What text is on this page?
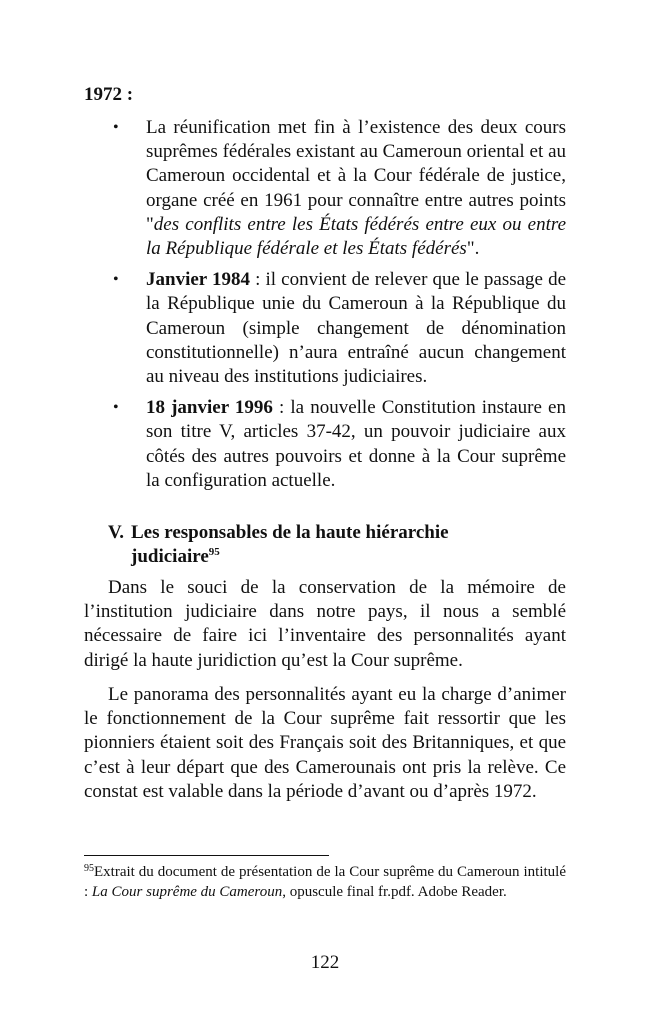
1972 :
• La réunification met fin à l’existence des deux cours suprêmes fédérales existant au Cameroun oriental et au Cameroun occidental et à la Cour fédérale de justice, organe créé en 1961 pour connaître entre autres points "des conflits entre les États fédérés entre eux ou entre la République fédérale et les États fédérés".
• Janvier 1984 : il convient de relever que le passage de la République unie du Cameroun à la République du Cameroun (simple changement de dénomination constitutionnelle) n’aura entraîné aucun changement au niveau des institutions judiciaires.
• 18 janvier 1996 : la nouvelle Constitution instaure en son titre V, articles 37-42, un pouvoir judiciaire aux côtés des autres pouvoirs et donne à la Cour suprême la configuration actuelle.
V. Les responsables de la haute hiérarchie
judiciaire$^{95}$

Dans le souci de la conservation de la mémoire de l’institution judiciaire dans notre pays, il nous a semblé nécessaire de faire ici l’inventaire des personnalités ayant dirigé la haute juridiction qu’est la Cour suprême.

Le panorama des personnalités ayant eu la charge d’animer le fonctionnement de la Cour suprême fait ressortir que les pionniers étaient soit des Français soit des Britanniques, et que c’est à leur départ que des Camerounais ont pris la relève. Ce constat est valable dans la période d’avant ou d’après 1972.

$^{95}$Extrait du document de présentation de la Cour suprême du Cameroun intitulé : La Cour suprême du Cameroun, opuscule final fr.pdf. Adobe Reader.

122
